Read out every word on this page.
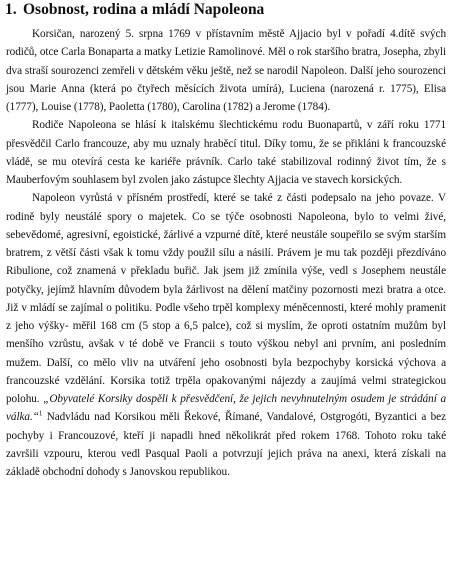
1. Osobnost, rodina a mládí Napoleona

Korsičan, narozený 5. srpna 1769 v přístavním městě Ajjacio byl v pořadí 4.dítě svých rodičů, otce Carla Bonaparta a matky Letizie Ramolinové. Měl o rok staršího bratra, Josepha, zbyli dva straší sourozenci zemřeli v dětském věku ještě, než se narodil Napoleon. Další jeho sourozenci jsou Marie Anna (která po čtyřech měsících života umírá), Luciena (narozená r. 1775), Elisa (1777), Louise (1778), Paoletta (1780), Carolina (1782) a Jerome (1784).

Rodiče Napoleona se hlásí k italskému šlechtickému rodu Buonapartů, v září roku 1771 přesvědčil Carlo francouze, aby mu uznaly hraběcí titul. Díky tomu, že se přikláni k francouzské vládě, se mu otevírá cesta ke kariéře právník. Carlo také stabilizoval rodinný život tím, že s Mauberfovým souhlasem byl zvolen jako zástupce šlechty Ajjacia ve stavech korsických.

Napoleon vyrůstá v přísném prostředí, které se také z části podepsalo na jeho povaze. V rodině byly neustálé spory o majetek. Co se týče osobnosti Napoleona, bylo to velmi živé, sebevědomé, agresivní, egoistické, žárlivé a vzpurné dítě, které neustále soupeřilo se svým starším bratrem, z větší části však k tomu vždy použil sílu a násilí. Právem je mu tak později přezdíváno Ribulione, což znamená v překladu buřič. Jak jsem již zmínila výše, vedl s Josephem neustále potyčky, jejímž hlavním důvodem byla žárlivost na dělení matčiny pozornosti mezi bratra a otce. Již v mládí se zajímal o politiku. Podle všeho trpěl komplexy méněcennosti, které mohly pramenit z jeho výšky- měřil 168 cm (5 stop a 6,5 palce), což si myslím, že oproti ostatním mužům byl menšího vzrůstu, avšak v té době ve Francii s touto výškou nebyl ani prvním, ani posledním mužem. Další, co mělo vliv na utváření jeho osobnosti byla bezpochyby korsická výchova a francouzské vzdělání. Korsika totiž trpěla opakovanými nájezdy a zaujímá velmi strategickou polohu. „Obyvatelé Korsiky dospěli k přesvědčení, že jejich nevyhnutelným osudem je strádání a válka.“$^1$ Nadvládu nad Korsikou měli Řekové, Římané, Vandalové, Ostgrogóti, Byzantici a bez pochyby i Francouzové, kteří ji napadli hned několikrát před rokem 1768. Tohoto roku také završili vzpouru, kterou vedl Pasqual Paoli a potvrzují jejich práva na anexi, která získali na základě obchodní dohody s Janovskou republikou.
